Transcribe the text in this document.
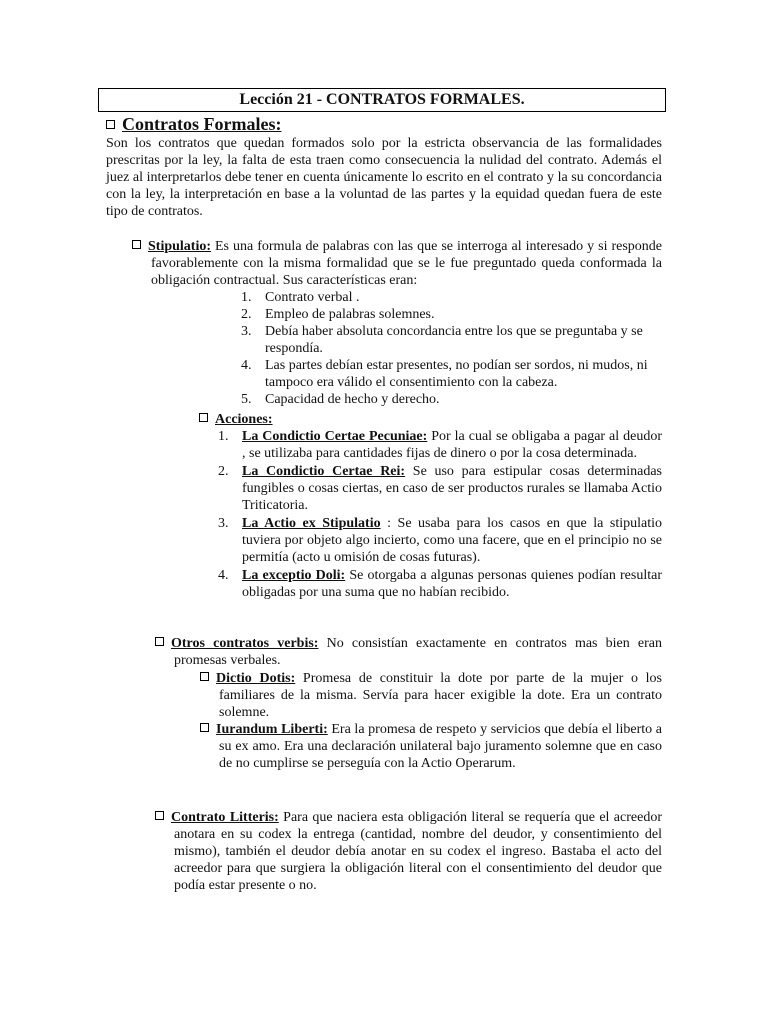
Lección 21 - CONTRATOS FORMALES.
Contratos Formales:

Son los contratos que quedan formados solo por la estricta observancia de las formalidades prescritas por la ley, la falta de esta traen como consecuencia la nulidad del contrato. Además el juez al interpretarlos debe tener en cuenta únicamente lo escrito en el contrato y la su concordancia con la ley, la interpretación en base a la voluntad de las partes y la equidad quedan fuera de este tipo de contratos.

Stipulatio: Es una formula de palabras con las que se interroga al interesado y si responde favorablemente con la misma formalidad que se le fue preguntado queda conformada la obligación contractual. Sus características eran:

1. Contrato verbal .
2. Empleo de palabras solemnes.
3. Debía haber absoluta concordancia entre los que se preguntaba y se respondía.
4. Las partes debían estar presentes, no podían ser sordos, ni mudos, ni tampoco era válido el consentimiento con la cabeza.
5. Capacidad de hecho y derecho.
Acciones:
1. La Condictio Certae Pecuniae: Por la cual se obligaba a pagar al deudor , se utilizaba para cantidades fijas de dinero o por la cosa determinada.
2. La Condictio Certae Rei: Se uso para estipular cosas determinadas fungibles o cosas ciertas, en caso de ser productos rurales se llamaba Actio Triticatoria.
3. La Actio ex Stipulatio : Se usaba para los casos en que la stipulatio tuviera por objeto algo incierto, como una facere, que en el principio no se permitía (acto u omisión de cosas futuras).
4. La exceptio Doli: Se otorgaba a algunas personas quienes podían resultar obligadas por una suma que no habían recibido.

Otros contratos verbis: No consistían exactamente en contratos mas bien eran promesas verbales.

Dictio Dotis: Promesa de constituir la dote por parte de la mujer o los familiares de la misma. Servía para hacer exigible la dote. Era un contrato solemne.

Iurandum Liberti: Era la promesa de respeto y servicios que debía el liberto a su ex amo. Era una declaración unilateral bajo juramento solemne que en caso de no cumplirse se perseguía con la Actio Operarum.

Contrato Litteris: Para que naciera esta obligación literal se requería que el acreedor anotara en su codex la entrega (cantidad, nombre del deudor, y consentimiento del mismo), también el deudor debía anotar en su codex el ingreso. Bastaba el acto del acreedor para que surgiera la obligación literal con el consentimiento del deudor que podía estar presente o no.
